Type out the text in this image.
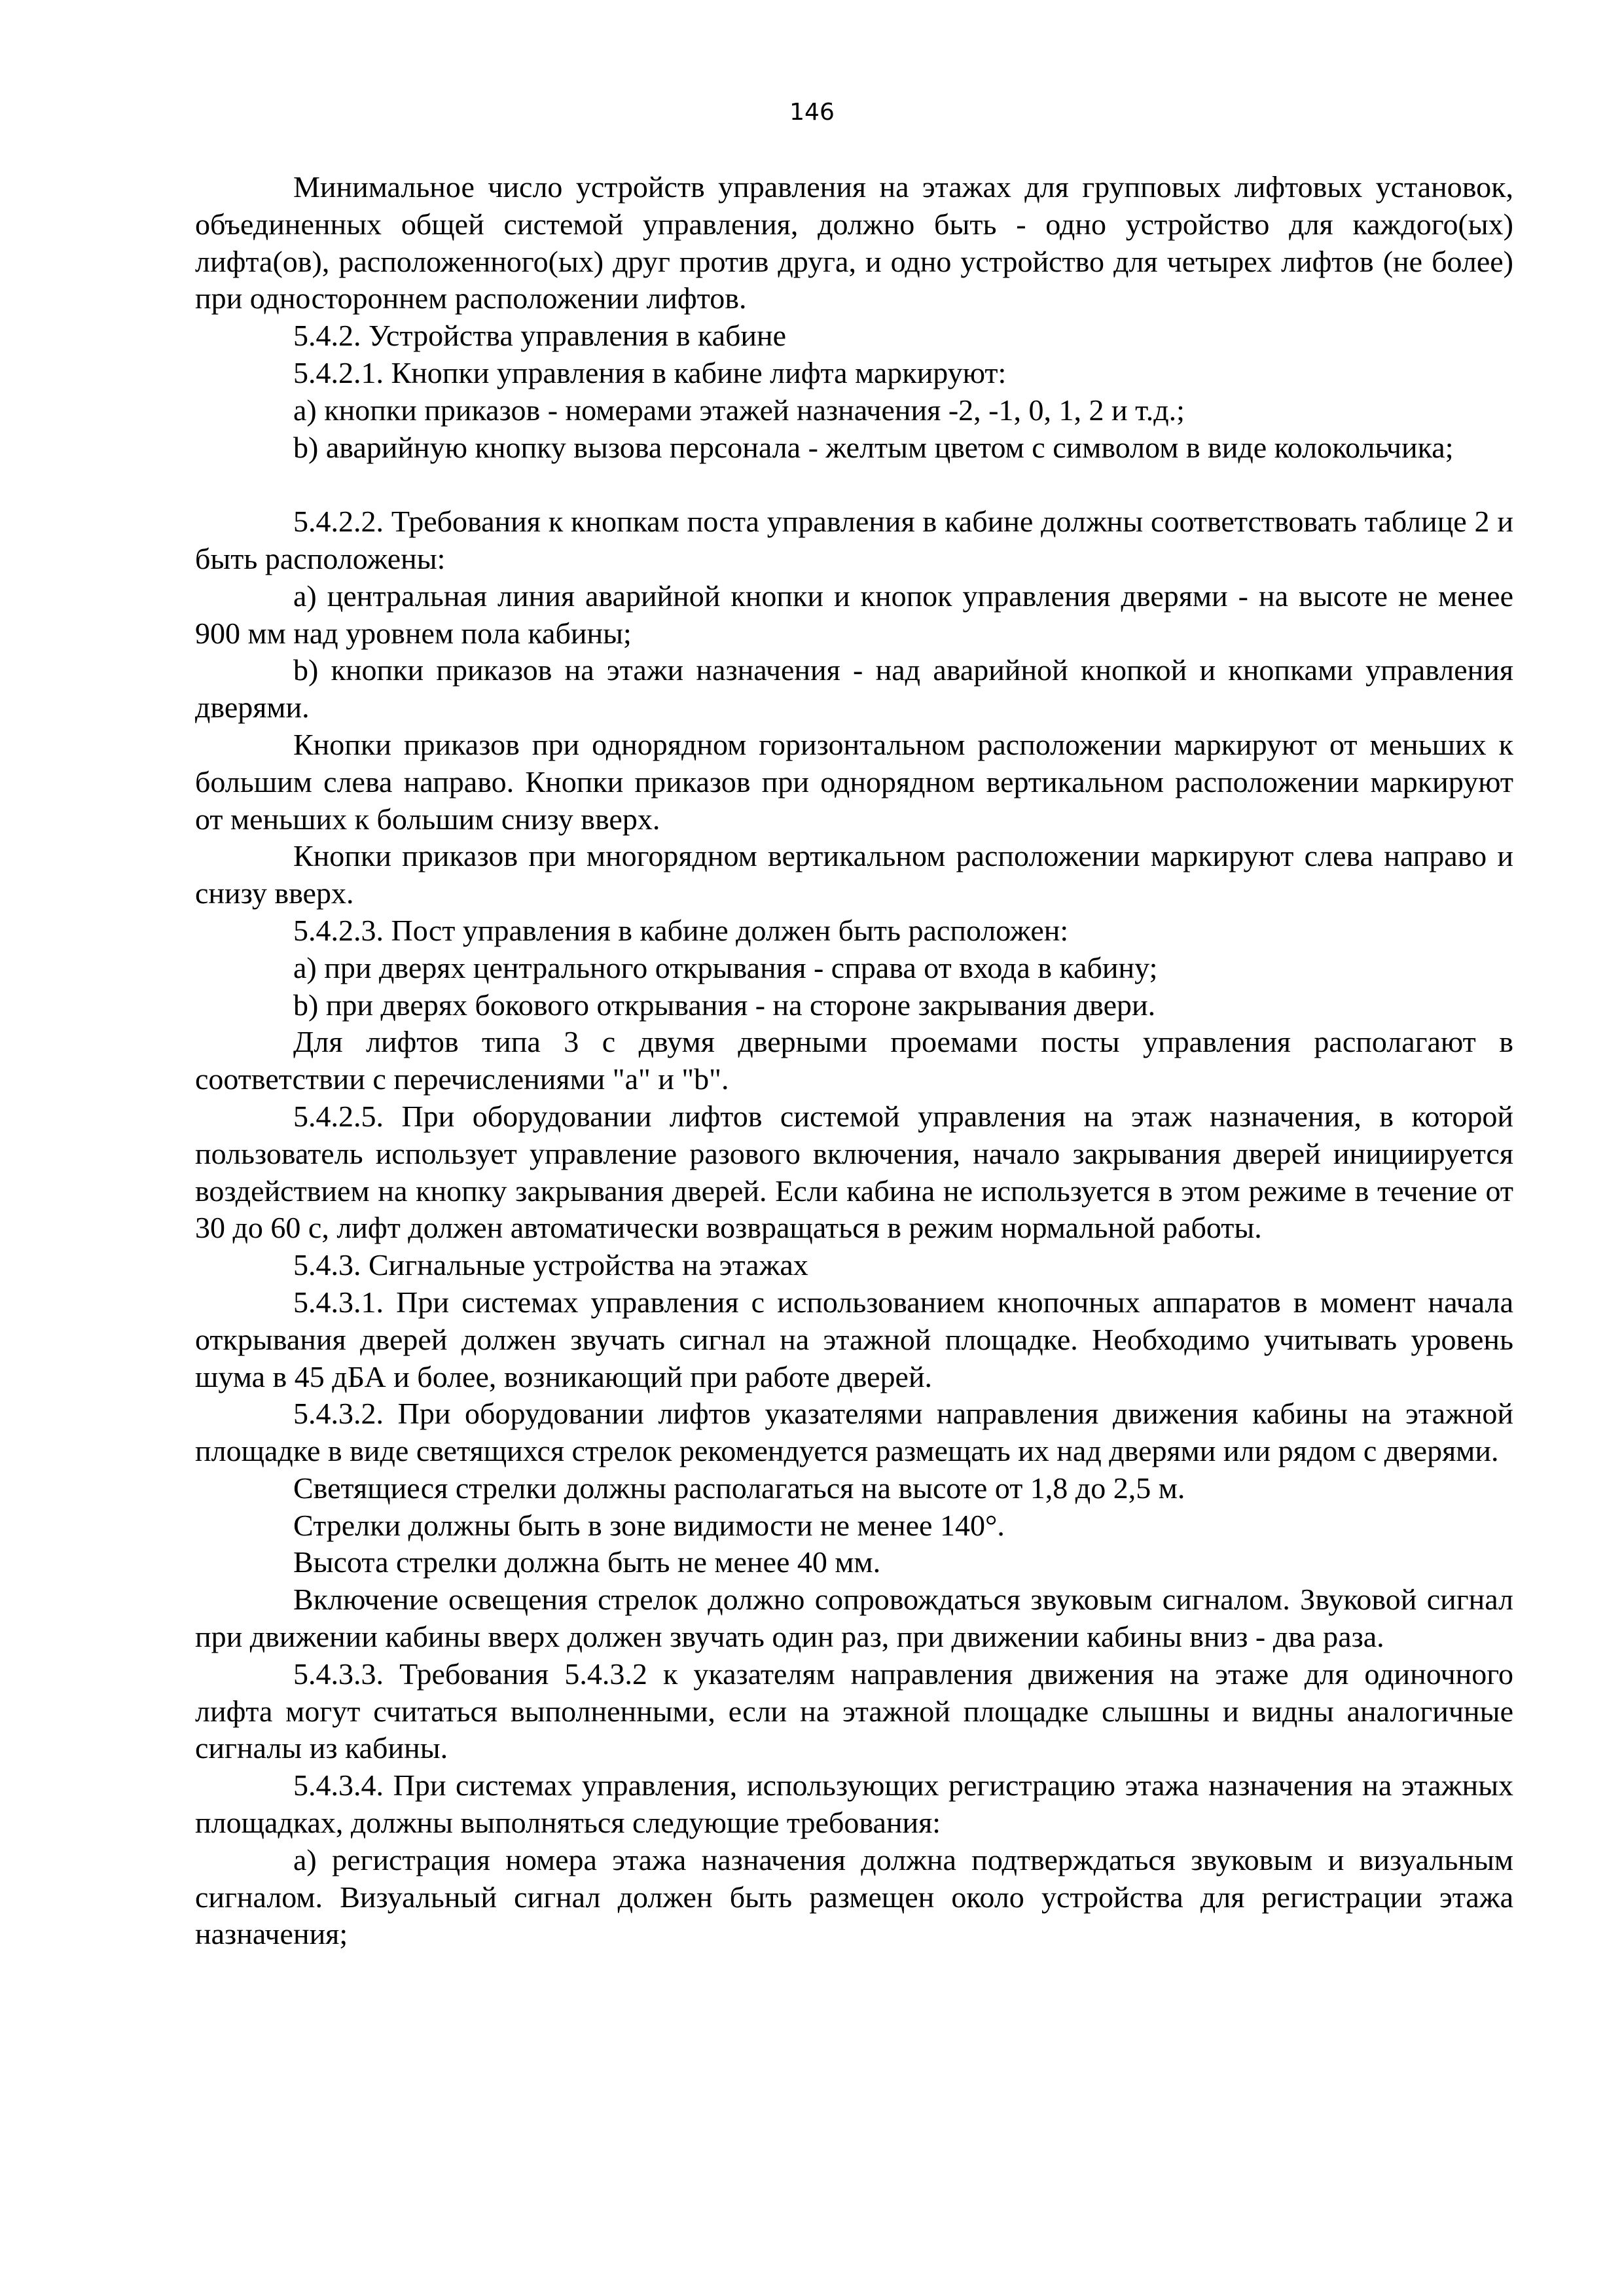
146

Минимальное число устройств управления на этажах для групповых лифтовых установок, объединенных общей системой управления, должно быть - одно устройство для каждого(ых) лифта(ов), расположенного(ых) друг против друга, и одно устройство для четырех лифтов (не более) при одностороннем расположении лифтов.

5.4.2. Устройства управления в кабине

5.4.2.1. Кнопки управления в кабине лифта маркируют:

a) кнопки приказов - номерами этажей назначения -2, -1, 0, 1, 2 и т.д.;

b) аварийную кнопку вызова персонала - желтым цветом с символом в виде колокольчика;

5.4.2.2. Требования к кнопкам поста управления в кабине должны соответствовать таблице 2 и быть расположены:

a) центральная линия аварийной кнопки и кнопок управления дверями - на высоте не менее 900 мм над уровнем пола кабины;

b) кнопки приказов на этажи назначения - над аварийной кнопкой и кнопками управления дверями.

Кнопки приказов при однорядном горизонтальном расположении маркируют от меньших к большим слева направо. Кнопки приказов при однорядном вертикальном расположении маркируют от меньших к большим снизу вверх.

Кнопки приказов при многорядном вертикальном расположении маркируют слева направо и снизу вверх.

5.4.2.3. Пост управления в кабине должен быть расположен:

a) при дверях центрального открывания - справа от входа в кабину;

b) при дверях бокового открывания - на стороне закрывания двери.

Для лифтов типа 3 с двумя дверными проемами посты управления располагают в соответствии с перечислениями "a" и "b".

5.4.2.5. При оборудовании лифтов системой управления на этаж назначения, в которой пользователь использует управление разового включения, начало закрывания дверей инициируется воздействием на кнопку закрывания дверей. Если кабина не используется в этом режиме в течение от 30 до 60 с, лифт должен автоматически возвращаться в режим нормальной работы.

5.4.3. Сигнальные устройства на этажах

5.4.3.1. При системах управления с использованием кнопочных аппаратов в момент начала открывания дверей должен звучать сигнал на этажной площадке. Необходимо учитывать уровень шума в 45 дБА и более, возникающий при работе дверей.

5.4.3.2. При оборудовании лифтов указателями направления движения кабины на этажной площадке в виде светящихся стрелок рекомендуется размещать их над дверями или рядом с дверями.

Светящиеся стрелки должны располагаться на высоте от 1,8 до 2,5 м.

Стрелки должны быть в зоне видимости не менее 140°.

Высота стрелки должна быть не менее 40 мм.

Включение освещения стрелок должно сопровождаться звуковым сигналом. Звуковой сигнал при движении кабины вверх должен звучать один раз, при движении кабины вниз - два раза.

5.4.3.3. Требования 5.4.3.2 к указателям направления движения на этаже для одиночного лифта могут считаться выполненными, если на этажной площадке слышны и видны аналогичные сигналы из кабины.

5.4.3.4. При системах управления, использующих регистрацию этажа назначения на этажных площадках, должны выполняться следующие требования:

a) регистрация номера этажа назначения должна подтверждаться звуковым и визуальным сигналом. Визуальный сигнал должен быть размещен около устройства для регистрации этажа назначения;
